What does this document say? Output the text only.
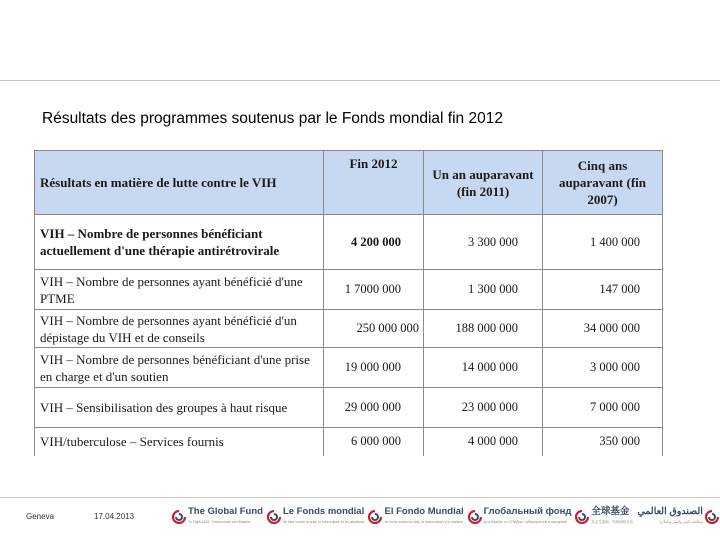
Résultats des programmes soutenus par le Fonds mondial fin 2012
Résultats en matière de lutte contre le VIH	Fin 2012	Un an auparavant (fin 2011)	Cinq ans auparavant (fin 2007)
VIH – Nombre de personnes bénéficiant actuellement d'une thérapie antirétrovirale	4 200 000	3 300 000	1 400 000
VIH – Nombre de personnes ayant bénéficié d'une PTME	1 7000 000	1 300 000	147 000
VIH – Nombre de personnes ayant bénéficié d'un dépistage du VIH et de conseils	250 000 000	188 000 000	34 000 000
VIH – Nombre de personnes bénéficiant d'une prise en charge et d'un soutien	19 000 000	14 000 000	3 000 000
VIH – Sensibilisation des groupes à haut risque	29 000 000	23 000 000	7 000 000
VIH/tuberculose – Services fournis	6 000 000	4 000 000	350 000
Geneva	17.04.2013	The Global Fund
To Fight AIDS, Tuberculosis and Malaria
Le Fonds mondial
de lutte contre le sida, la tuberculose et le paludisme
El Fondo Mundial
de lucha contra el sida, la tuberculosis y la malaria
Глобальный фонд
для борьбы со СПИДом, туберкулезом и малярией
全球基金
抗击艾滋病、结核病和疟疾
الصندوق العالمي
لمكافحة الإيدز والسل والملاريا
